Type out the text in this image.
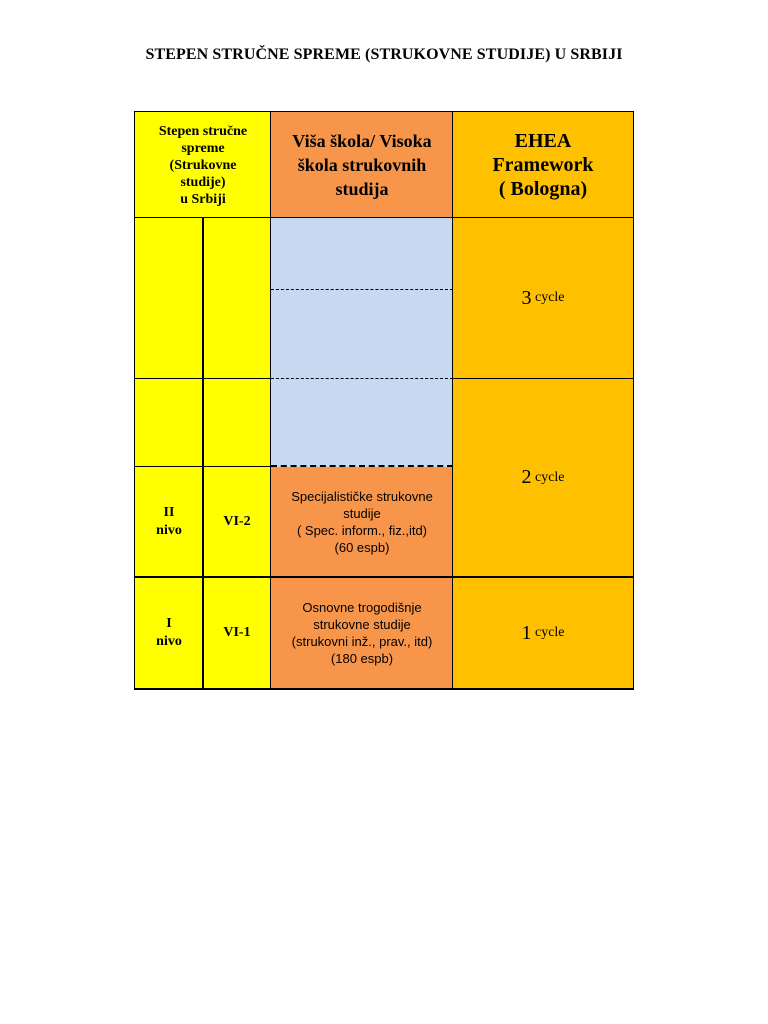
STEPEN STRUČNE SPREME (STRUKOVNE STUDIJE) U SRBIJI
Stepen stručne
spreme
(Strukovne
studije)
u Srbiji
Viša škola/ Visoka
škola strukovnih
studija
Specijalističke strukovne
studije
( Spec. inform., fiz.,itd)
(60 espb)
Osnovne trogodišnje
strukovne studije
(strukovni inž., prav., itd)
(180 espb)
EHEA
Framework
( Bologna)
3
cycle
2
cycle
1
cycle
II
nivo
VI-2
I
nivo
VI-1
